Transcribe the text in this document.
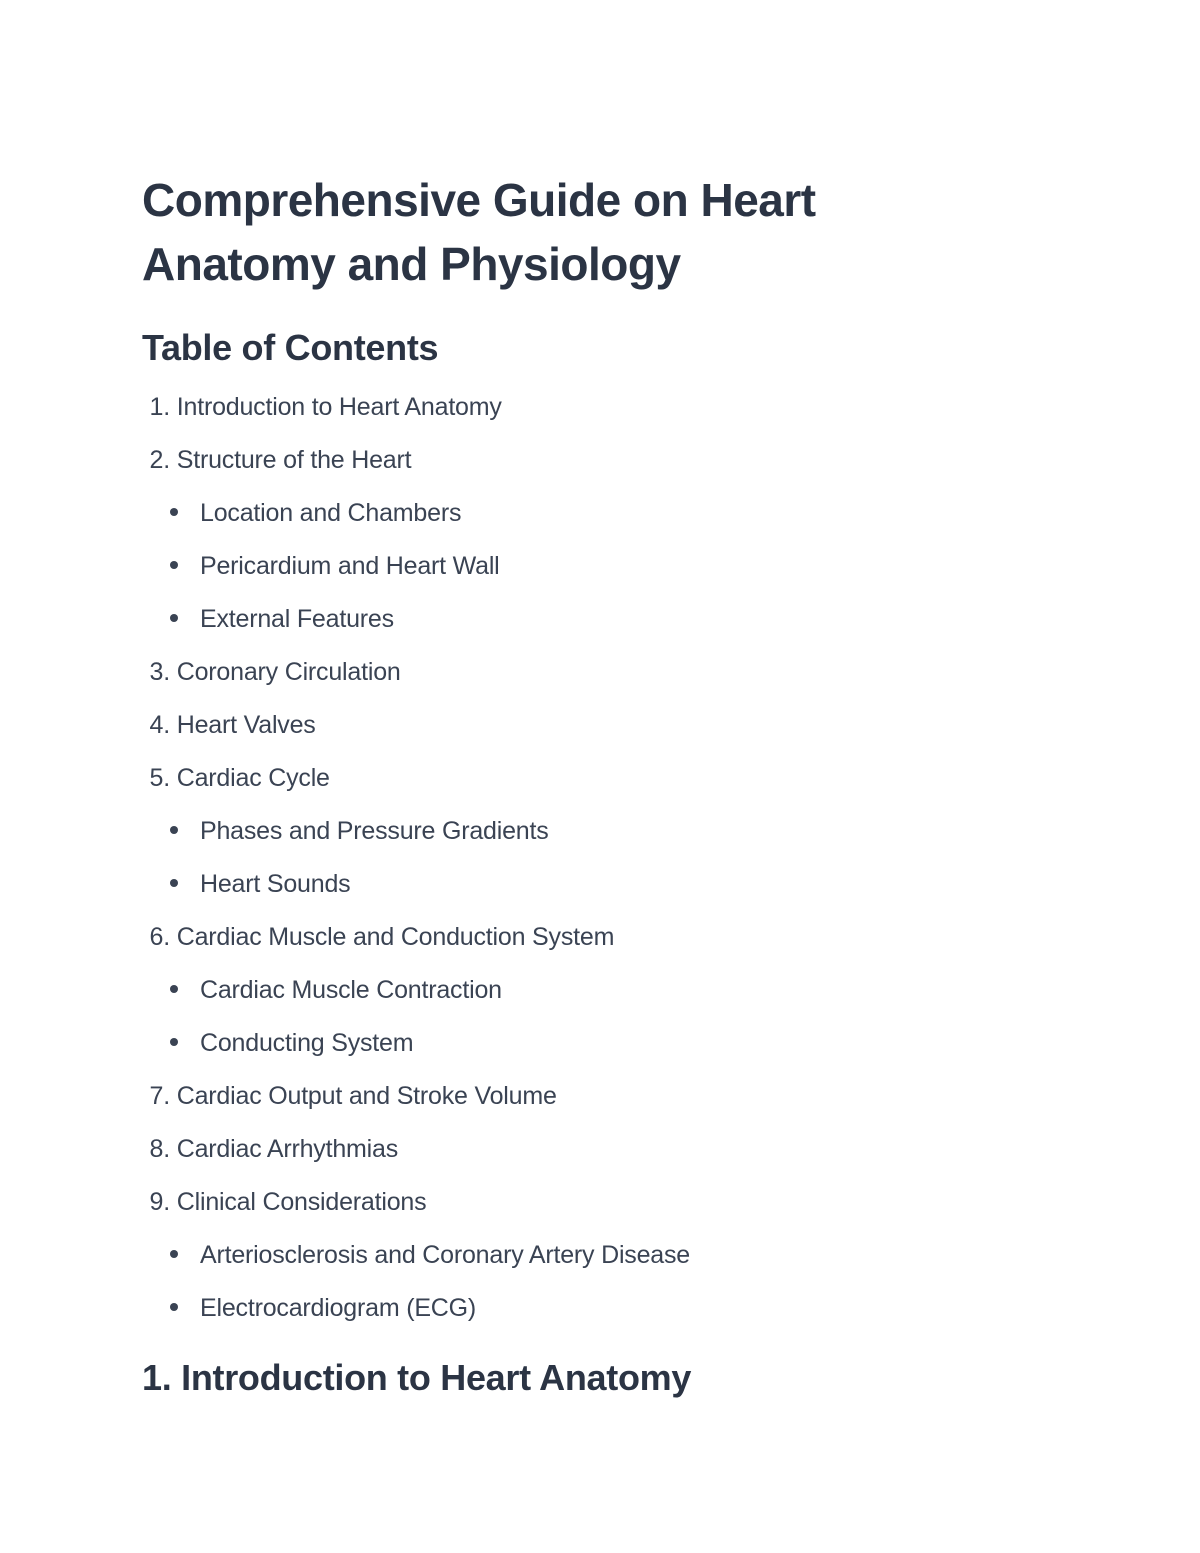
Comprehensive Guide on Heart
Anatomy and Physiology
Table of Contents
1.
Introduction to Heart Anatomy
2.
Structure of the Heart
Location and Chambers
Pericardium and Heart Wall
External Features
3.
Coronary Circulation
4.
Heart Valves
5.
Cardiac Cycle
Phases and Pressure Gradients
Heart Sounds
6.
Cardiac Muscle and Conduction System
Cardiac Muscle Contraction
Conducting System
7.
Cardiac Output and Stroke Volume
8.
Cardiac Arrhythmias
9.
Clinical Considerations
Arteriosclerosis and Coronary Artery Disease
Electrocardiogram (ECG)
1. Introduction to Heart Anatomy
